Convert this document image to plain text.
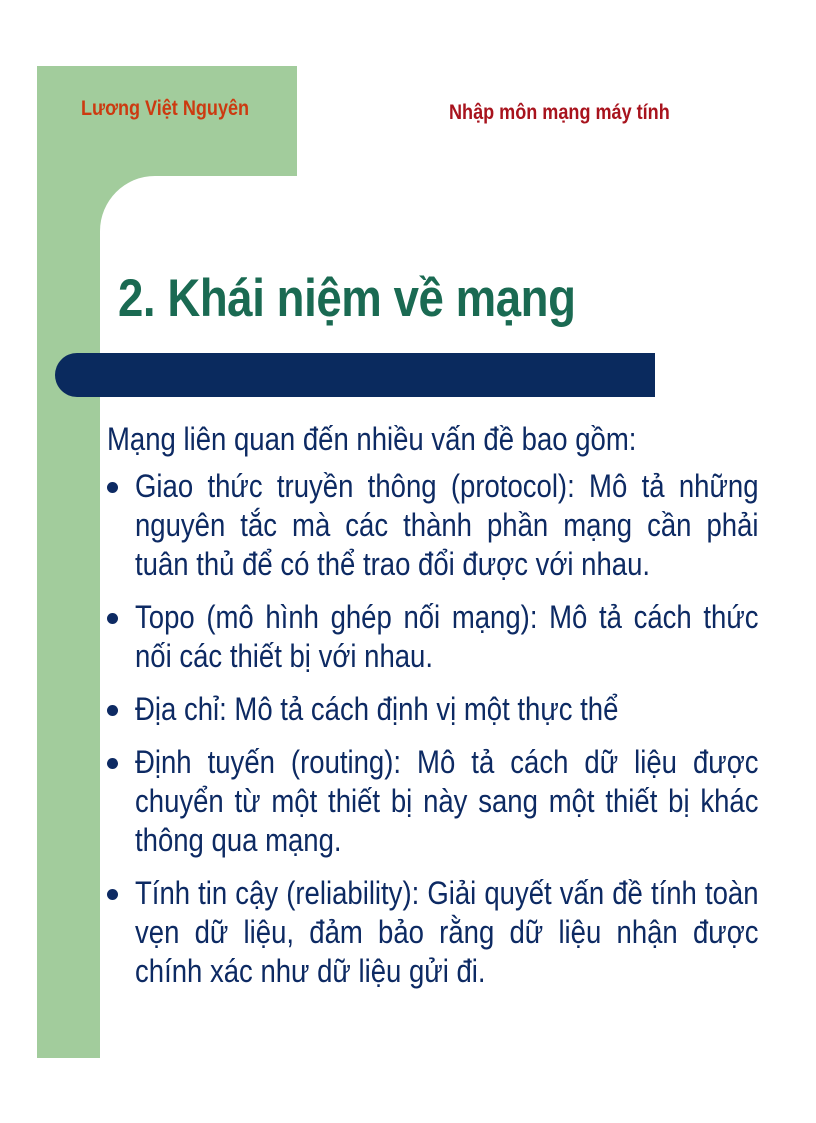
Lương Việt Nguyên	Nhập môn mạng máy tính
2. Khái niệm về mạng
Mạng liên quan đến nhiều vấn đề bao gồm:
Giao thức truyền thông (protocol): Mô tả những nguyên tắc mà các thành phần mạng cần phải tuân thủ để có thể trao đổi được với nhau.
Topo (mô hình ghép nối mạng): Mô tả cách thức nối các thiết bị với nhau.
Địa chỉ: Mô tả cách định vị một thực thể
Định tuyến (routing): Mô tả cách dữ liệu được chuyển từ một thiết bị này sang một thiết bị khác thông qua mạng.
Tính tin cậy (reliability): Giải quyết vấn đề tính toàn vẹn dữ liệu, đảm bảo rằng dữ liệu nhận được chính xác như dữ liệu gửi đi.
